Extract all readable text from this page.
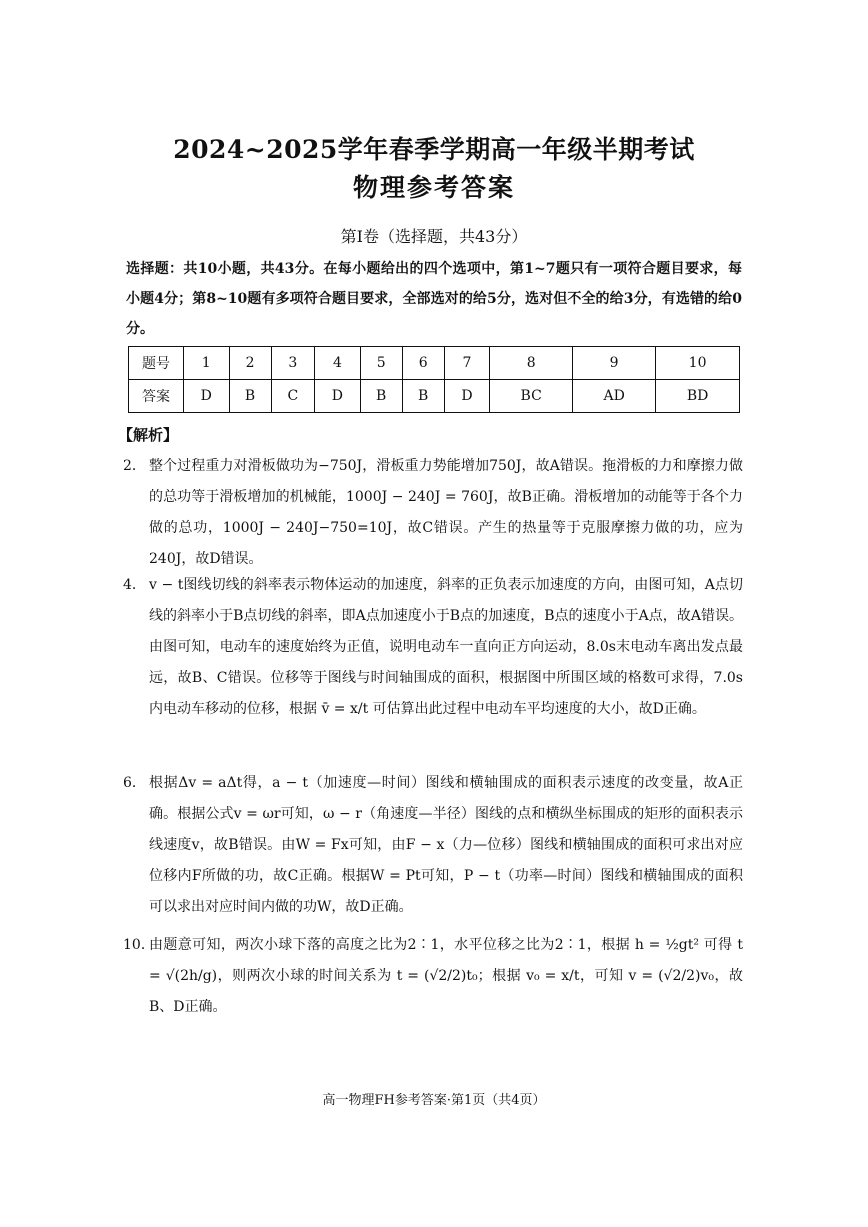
2024~2025学年春季学期高一年级半期考试
物理参考答案
第Ⅰ卷（选择题，共43分）
选择题：共10小题，共43分。在每小题给出的四个选项中，第1~7题只有一项符合题目要求，每小题4分；第8~10题有多项符合题目要求，全部选对的给5分，选对但不全的给3分，有选错的给0分。
题号	1	2	3	4	5	6	7	8	9	10
答案	D	B	C	D	B	B	D	BC	AD	BD
【解析】
2． 整个过程重力对滑板做功为−750J，滑板重力势能增加750J，故A错误。拖滑板的力和摩擦力做的总功等于滑板增加的机械能，1000J − 240J = 760J，故B正确。滑板增加的动能等于各个力做的总功，1000J − 240J−750=10J，故C错误。产生的热量等于克服摩擦力做的功，应为240J，故D错误。
4． v − t图线切线的斜率表示物体运动的加速度，斜率的正负表示加速度的方向，由图可知，A点切线的斜率小于B点切线的斜率，即A点加速度小于B点的加速度，B点的速度小于A点，故A错误。由图可知，电动车的速度始终为正值，说明电动车一直向正方向运动，8.0s末电动车离出发点最远，故B、C错误。位移等于图线与时间轴围成的面积，根据图中所围区域的格数可求得，7.0s内电动车移动的位移，根据 v̄ = x/t 可估算出此过程中电动车平均速度的大小，故D正确。
6． 根据Δv = aΔt得，a − t（加速度—时间）图线和横轴围成的面积表示速度的改变量，故A正确。根据公式v = ωr可知，ω − r（角速度—半径）图线的点和横纵坐标围成的矩形的面积表示线速度v，故B错误。由W = Fx可知，由F − x（力—位移）图线和横轴围成的面积可求出对应位移内F所做的功，故C正确。根据W = Pt可知，P − t（功率—时间）图线和横轴围成的面积可以求出对应时间内做的功W，故D正确。
10．
由题意可知，两次小球下落的高度之比为2∶1，水平位移之比为2∶1，根据 h = ½gt² 可得 t = √(2h/g)，则两次小球的时间关系为 t = (√2/2)t₀；根据 v₀ = x/t，可知 v = (√2/2)v₀，故B、D正确。
高一物理FH参考答案·第1页（共4页）
